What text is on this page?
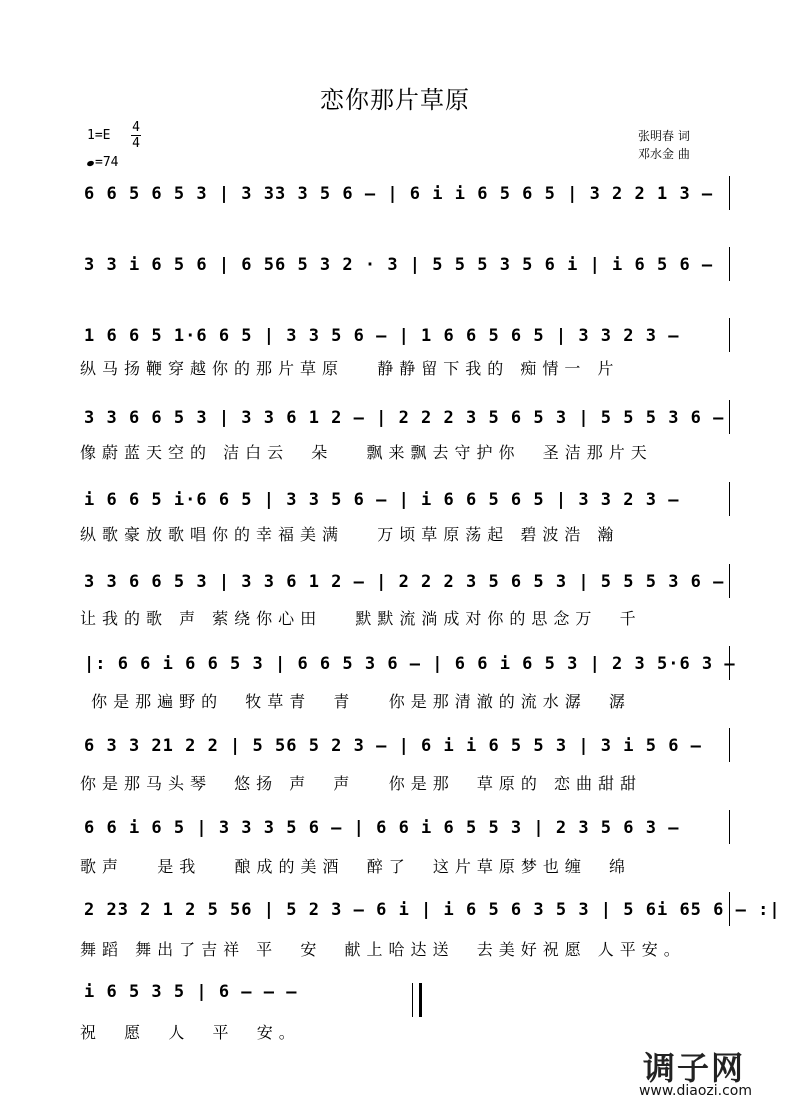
恋你那片草原
1=E
4
4
=74
张明春 词
邓水金 曲
6 6 5 6 5 3 | 3 33 3 5 6 – | 6 i i 6 5 6 5 | 3 2 2 1 3 –
3 3 i 6 5 6 | 6 56 5 3 2 · 3 | 5 5 5 3 5 6 i | i 6 5 6 –
1 6 6 5 1·6 6 5 | 3 3 5 6 – | 1 6 6 5 6 5 | 3 3 2 3 –
3 3 6 6 5 3 | 3 3 6 1 2 – | 2 2 2 3 5 6 5 3 | 5 5 5 3 6 –
i 6 6 5 i·6 6 5 | 3 3 5 6 – | i 6 6 5 6 5 | 3 3 2 3 –
3 3 6 6 5 3 | 3 3 6 1 2 – | 2 2 2 3 5 6 5 3 | 5 5 5 3 6 –
|: 6 6 i 6 6 5 3 | 6 6 5 3 6 – | 6 6 i 6 5 3 | 2 3 5·6 3 –
6 3 3 21 2 2 | 5 56 5 2 3 – | 6 i i 6 5 5 3 | 3 i 5 6 –
6 6 i 6 5 | 3 3 3 5 6 – | 6 6 i 6 5 5 3 | 2 3 5 6 3 –
2 23 2 1 2 5 56 | 5 2 3 – 6 i | i 6 5 6 3 5 3 | 5 6i 65 6 – :|
i 6 5 3 5 | 6 – – –
纵马扬鞭穿越你的那片草原   静静留下我的 痴情一 片
像蔚蓝天空的 洁白云  朵   飘来飘去守护你  圣洁那片天
纵歌豪放歌唱你的幸福美满   万顷草原荡起 碧波浩 瀚
让我的歌 声 萦绕你心田   默默流淌成对你的思念万  千
你是那遍野的  牧草青  青   你是那清澈的流水潺  潺
你是那马头琴  悠扬 声  声   你是那  草原的 恋曲甜甜
歌声   是我   酿成的美酒  醉了  这片草原梦也缠  绵
舞蹈 舞出了吉祥 平  安  献上哈达送  去美好祝愿 人平安。
祝  愿  人  平  安。
调子网
www.diaozi.com
